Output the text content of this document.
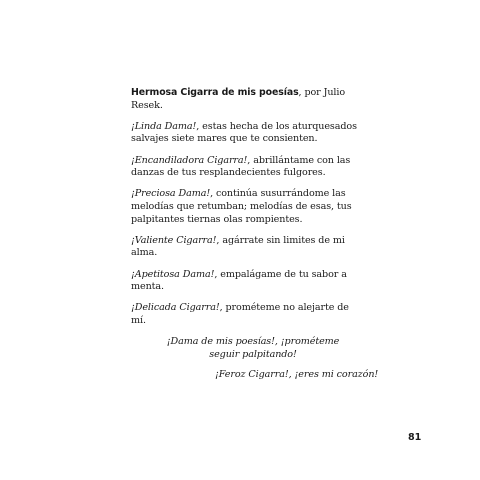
Hermosa Cigarra de mis poesías, por Julio Resek.

¡Linda Dama!, estas hecha de los aturquesados salvajes siete mares que te consienten.

¡Encandiladora Cigarra!, abrillántame con las danzas de tus resplandecientes fulgores.

¡Preciosa Dama!, continúa susurrándome las melodías que retumban; melodías de esas, tus palpitantes tiernas olas rompientes.

¡Valiente Cigarra!, agárrate sin limites de mi alma.

¡Apetitosa Dama!, empalágame de tu sabor a menta.

¡Delicada Cigarra!, prométeme no alejarte de mí.

¡Dama de mis poesías!, ¡prométeme seguir palpitando!

¡Feroz Cigarra!, ¡eres mi corazón!

81
